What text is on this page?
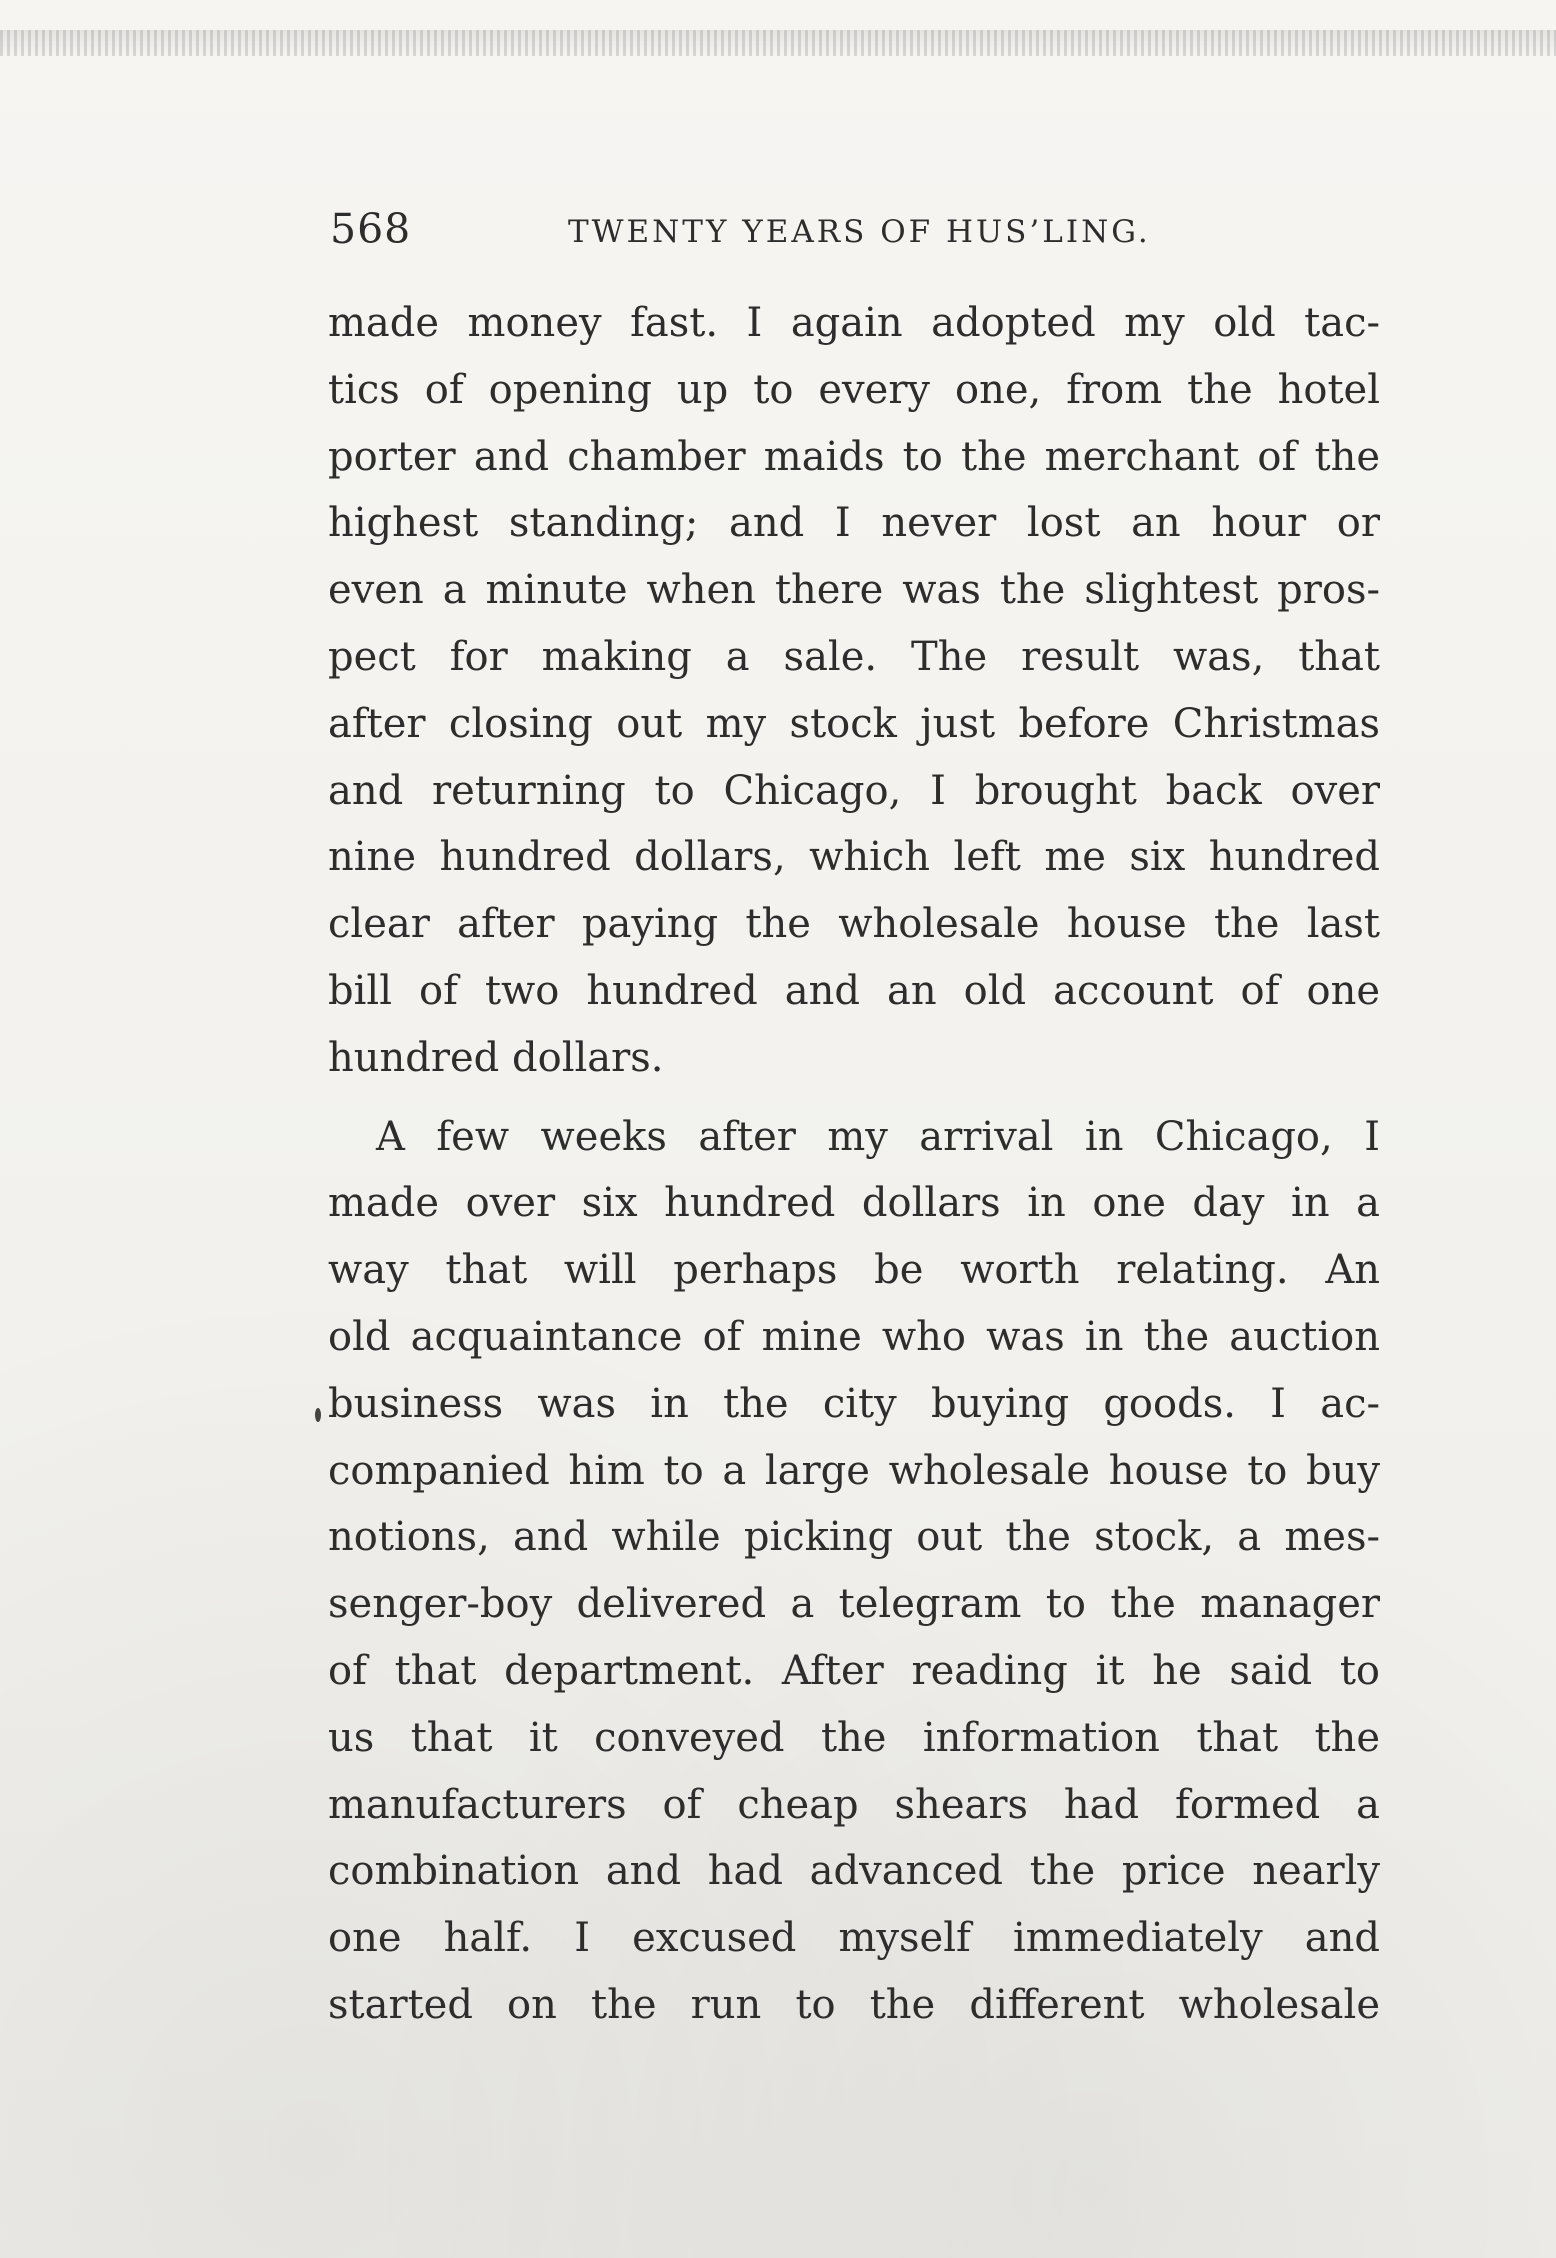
568	TWENTY YEARS OF HUS’LING.
made money fast. I again adopted my old tac-
tics of opening up to every one, from the hotel
porter and chamber maids to the merchant of the
highest standing; and I never lost an hour or
even a minute when there was the slightest pros-
pect for making a sale. The result was, that
after closing out my stock just before Christmas
and returning to Chicago, I brought back over
nine hundred dollars, which left me six hundred
clear after paying the wholesale house the last
bill of two hundred and an old account of one
hundred dollars.
A few weeks after my arrival in Chicago, I
made over six hundred dollars in one day in a
way that will perhaps be worth relating. An
old acquaintance of mine who was in the auction
business was in the city buying goods. I ac-
companied him to a large wholesale house to buy
notions, and while picking out the stock, a mes-
senger-boy delivered a telegram to the manager
of that department. After reading it he said to
us that it conveyed the information that the
manufacturers of cheap shears had formed a
combination and had advanced the price nearly
one half. I excused myself immediately and
started on the run to the different wholesale
